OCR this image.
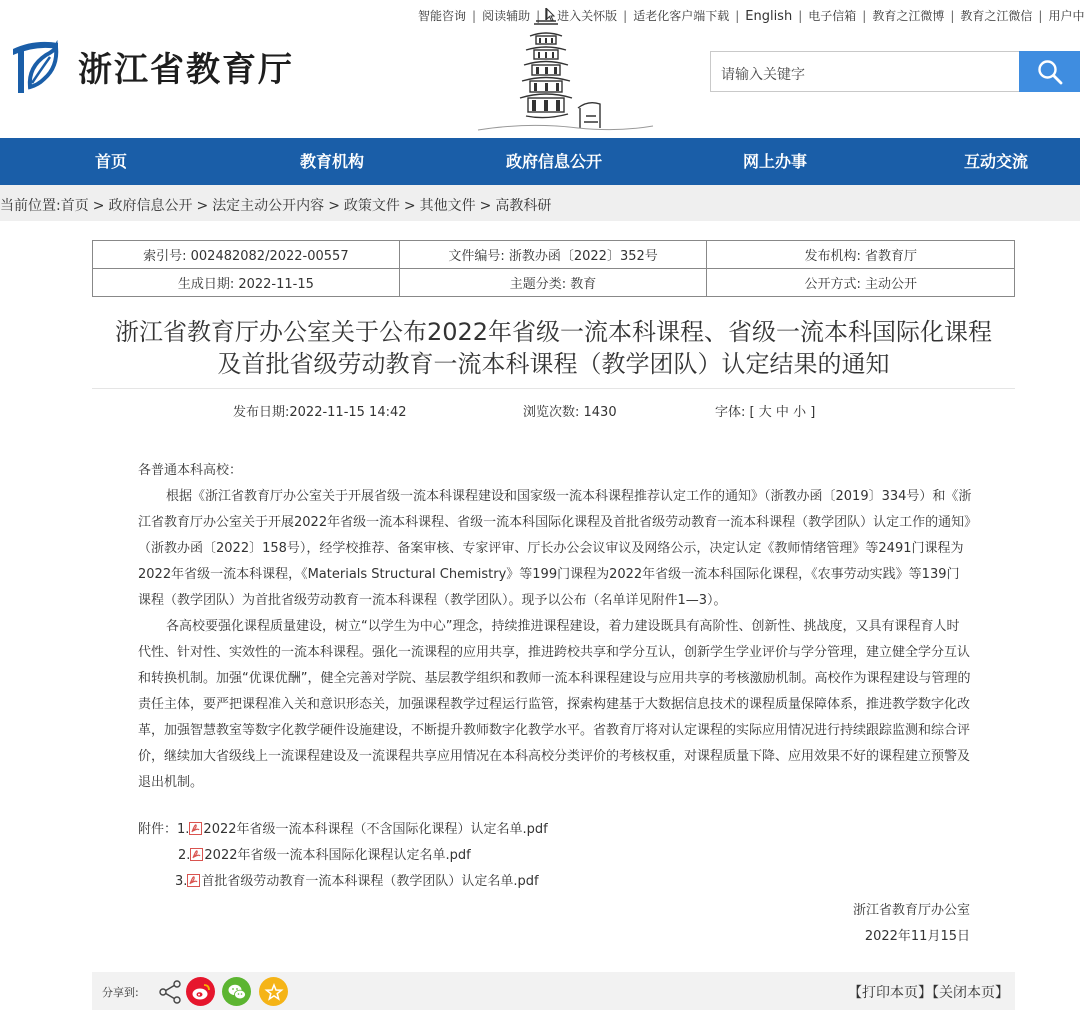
智能咨询 | 阅读辅助 | 进入关怀版 | 适老化客户端下载 | English | 电子信箱 | 教育之江微博 | 教育之江微信 | 用户中
浙江省教育厅	请输入关键字
首页	教育机构	政府信息公开	网上办事	互动交流
当前位置:首页 > 政府信息公开 > 法定主动公开内容 > 政策文件 > 其他文件 > 高教科研
索引号: 002482082/2022-00557	文件编号: 浙教办函〔2022〕352号	发布机构: 省教育厅
生成日期: 2022-11-15	主题分类: 教育	公开方式: 主动公开
浙江省教育厅办公室关于公布2022年省级一流本科课程、省级一流本科国际化课程
及首批省级劳动教育一流本科课程（教学团队）认定结果的通知
发布日期:2022-11-15 14:42	浏览次数: 1430	字体: [ 大 中 小 ]

各普通本科高校：

根据《浙江省教育厅办公室关于开展省级一流本科课程建设和国家级一流本科课程推荐认定工作的通知》（浙教办函〔2019〕334号）和《浙江省教育厅办公室关于开展2022年省级一流本科课程、省级一流本科国际化课程及首批省级劳动教育一流本科课程（教学团队）认定工作的通知》（浙教办函〔2022〕158号），经学校推荐、备案审核、专家评审、厅长办公会议审议及网络公示，决定认定《教师情绪管理》等2491门课程为2022年省级一流本科课程，《Materials Structural Chemistry》等199门课程为2022年省级一流本科国际化课程，《农事劳动实践》等139门课程（教学团队）为首批省级劳动教育一流本科课程（教学团队）。现予以公布（名单详见附件1—3）。

各高校要强化课程质量建设，树立“以学生为中心”理念，持续推进课程建设，着力建设既具有高阶性、创新性、挑战度，又具有课程育人时代性、针对性、实效性的一流本科课程。强化一流课程的应用共享，推进跨校共享和学分互认，创新学生学业评价与学分管理，建立健全学分互认和转换机制。加强“优课优酬”，健全完善对学院、基层教学组织和教师一流本科课程建设与应用共享的考核激励机制。高校作为课程建设与管理的责任主体，要严把课程准入关和意识形态关，加强课程教学过程运行监管，探索构建基于大数据信息技术的课程质量保障体系，推进教学数字化改革，加强智慧教室等数字化教学硬件设施建设，不断提升教师数字化教学水平。省教育厅将对认定课程的实际应用情况进行持续跟踪监测和综合评价，继续加大省级线上一流课程建设及一流课程共享应用情况在本科高校分类评价的考核权重，对课程质量下降、应用效果不好的课程建立预警及退出机制。

附件：1. 2022年省级一流本科课程（不含国际化课程）认定名单.pdf
2. 2022年省级一流本科国际化课程认定名单.pdf
3. 首批省级劳动教育一流本科课程（教学团队）认定名单.pdf
浙江省教育厅办公室
2022年11月15日
分享到:	【打印本页】【关闭本页】
